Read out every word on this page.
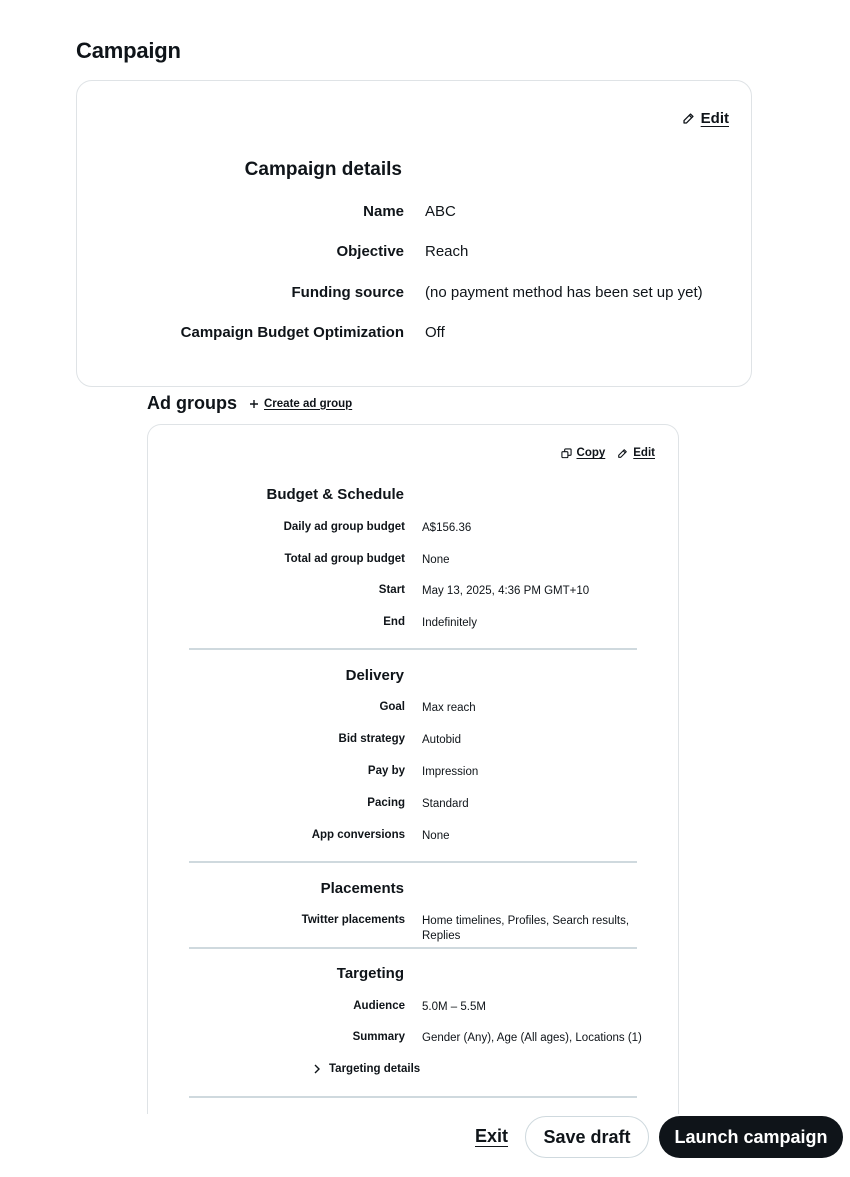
Campaign
Edit
Campaign details
Name ABC
Objective Reach
Funding source (no payment method has been set up yet)
Campaign Budget Optimization Off
Ad groups Create ad group
Copy Edit
Budget & Schedule
Daily ad group budget A$156.36
Total ad group budget None
Start May 13, 2025, 4:36 PM GMT+10
End Indefinitely
Delivery
Goal Max reach
Bid strategy Autobid
Pay by Impression
Pacing Standard
App conversions None
Placements
Twitter placements Home timelines, Profiles, Search results, Replies
Targeting
Audience 5.0M – 5.5M
Summary Gender (Any), Age (All ages), Locations (1)
Targeting details
Exit	Save draft	Launch campaign
